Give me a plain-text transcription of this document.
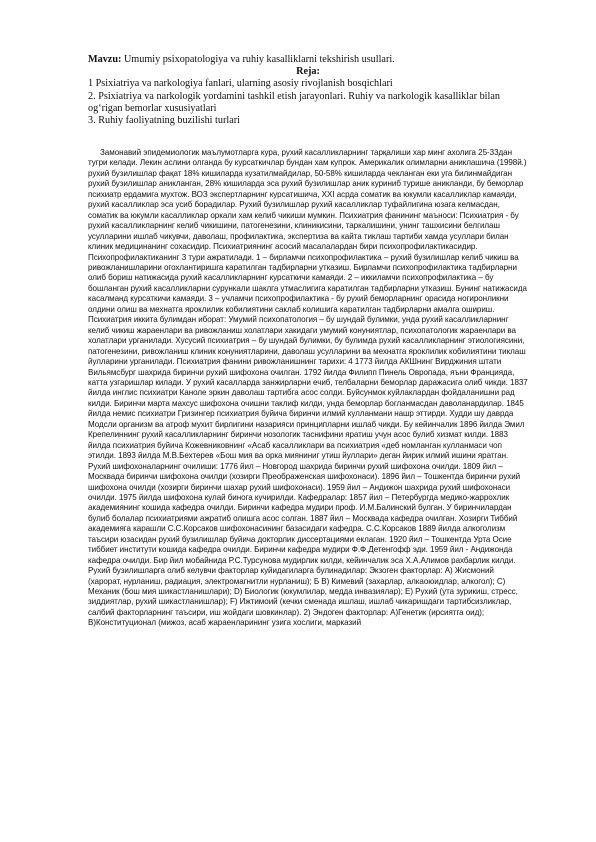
Mavzu: Umumiy psixopatologiya va ruhiy kasalliklarni tekshirish usullari.

Reja:

1 Psixiatriya va narkologiya fanlari, ularning asosiy rivojlanish bosqichlari

2. Psixiatriya va narkologik yordamini tashkil etish jarayonlari. Ruhiy va narkologik kasalliklar bilan og‘rigan bemorlar xususiyatlari

3. Ruhiy faoliyatning buzilishi turlari

Замонавий эпидемиологик маълумотларга кура, рухий касалликларнинг тарқалиши хар минг ахолига 25-33дан тугри келади. Лекин аслини олганда бу курсаткичлар бундан хам купрок. Америкалик олимларни аниклашича (1998й.) рухий бузилишлар фақат 18% кишиларда кузатилмайдилар, 50-58% кишиларда чекланган еки уга билинмайдиган рухий бузилишлар аникланган, 28% кишиларда эса рухий бузилишлар аник куриниб турише аникланди, бу беморлар психиатр ердамига мухтож. ВОЗ экспертларнинг курсатишича, XXI асрда соматик ва юкумли касалликлар камаяди, рухий касалликлар эса усиб борадилар. Рухий бузилишлар рухий касалликлар туфайлигина юзага келмасдан, соматик ва юкумли касалликлар оркали хам келиб чикиши мумкин. Психиатрия фанининг маъноси: Психиатрия - бу рухий касалликларнинг келиб чикишини, патогенезини, клиникисини, таркалишини, унинг ташхисини белгилаш усулларини ишлаб чикувчи, даволаш, профилактика, экспертиза ва кайта тиклаш тартиби хамда усуллари билан клиник медицинанинг сохасидир. Психиатриянинг асосий масалалардан бири психопрофилактикасидир. Психопрофилактиканинг 3 тури ажратилади. 1 – бирламчи психопрофилактика – рухий бузилишлар келиб чикиш ва ривожланишларини огохлантиришга каратилган тадбирларни утказиш. Бирламчи психопрофилактика тадбирларни олиб бориш натижасида рухий касалликларнинг курсаткичи камаяди. 2 – иккиламчи психопрофилактика – бу бошланган рухий касалликларни сурункали шаклга утмаслигига каратилган тадбирларни утказиш. Бунинг натижасида касалманд курсаткичи камаяди. 3 – учламчи психопрофилактика - бу рухий беморларнинг орасида ногиронликни олдини олиш ва мехнатга яроклилик кобилиятини саклаб колишига каратилган тадбирларни амалга ошириш. Психиатрия иккита булимдан иборат: Умумий психопатология – бу шундай булимки, унда рухий касалликларнинг келиб чикиш жараенлари ва ривожланиш холатлари хакидаги умумий конуниятлар, психопатологик жараенлари ва холатлари урганилади. Хусусий психиатрия – бу шундай булимки, бу булимда рухий касалликларнинг этиологиясини, патогенезини, ривожланиш клиник конуниятларини, даволаш усулларини ва мехнатга яроклилик кобилиятини тиклаш йулларини урганилади. Психиатрия фанини ривожланишнинг тарихи: 4 1773 йилда АКШнинг Вирджиния штати Вильямсбург шахрида биринчи рухий шифохона очилган. 1792 йилда Филипп Пинель Овропада, яъни Францияда, катта узгаришлар килади. У рухий касалларда занжирларни ечиб, телбаларни беморлар даражасига олиб чикди. 1837 йилда инглис психиатри Каноле эркин даволаш тартибга асос солди. Буйсунмок куйлаклардан фойдаланишни рад килди. Биринчи марта махсус шифохона очишни таклиф килди, унда беморлар богланмасдан даволанардилар. 1845 йилда немис психиатри Гризингер психиатрия буйича биринчи илмий кулланмани нашр эттирди. Худди шу даврда Модсли организм ва атроф мухит бирлигини назарияси принципларни ишлаб чикди. Бу кейинчалик 1896 йилда Эмил Крепелиннинг рухий касалликларнинг биринчи нозологик таснифини яратиш учун асос булиб хизмат килди. 1883 йилда психиатрия буйича Кожевниковнинг «Асаб касалликлари ва психиатрия «деб номланган кулланмаси чоп этилди. 1893 йилда М.В.Бехтерев «Бош мия ва орка мияниниг утиш йуллари» деган йирик илмий ишини яратган. Рухий шифохоналарнинг очилиши: 1776 йил – Новгород шахрида биринчи рухий шифохона очилди. 1809 йил – Москвада биринчи шифохона очилди (хозирги Преображенская шифохонаси). 1896 йил – Тошкентда биринчи рухий шифохона очилди (хозирги биринчи шахар рухий шифохонаси). 1959 йил – Андижон шахрида рухий шифохонаси очилди. 1975 йилда шифохона кулай бинога кучирилди. Кафедралар: 1857 йил – Петербургда медико-жаррохлик академиянинг кошида кафедра очилди. Биринчи кафедра мудири проф. И.М.Балинский булган. У биринчилардан булиб болалар психиатриями ажратиб олишга асос солган. 1887 йил – Москвада кафедра очилган. Хозирги Тиббий академияга карашли С.С.Корсаков шифохонасининг базасидаги кафедра. С.С.Корсаков 1889 йилда алкоголизм таъсири юзасидан рухий бузилишлар буйича докторлик диссертациями еклаган. 1920 йил – Тошкентда Урта Осие тиббиет институти кошида кафедра очилди. Биринчи кафедра мудири Ф.Ф.Детенгофф эди. 1959 йил - Андижонда кафедра очилди. Бир йил мобайнида Р.С.Турсунова мудирлик килди, кейинчалик эса Х.А.Алимов рахбарлик килди. Рухий бузилишларга олиб келувчи факторлар куйидагиларга булинадилар: Экзоген факторлар: A) Жисмоний (харорат, нурланиш, радиация, электромагнитли нурланиш); Б В) Кимевий (захарлар, алкаоюидлар, алкогол); C) Механик (бош мия шикастланишлари); D) Биологик (юкумлилар, медда инвазиялар); E) Рухий (ута зурикиш, стресс, зиддиятлар, рухий шикастланишлар); F) Ижтимоий (кечки сменада ишлаш, ишлаб чикаришдаги тартибсизликлар, салбий факторларнинг таъсири, иш жойдаги шовкинлар). 2) Эндоген факторлар: A)Генетик (ирсиятга оид); В)Конституционал (мижоз, асаб жараенларининг узига хослиги, марказий
